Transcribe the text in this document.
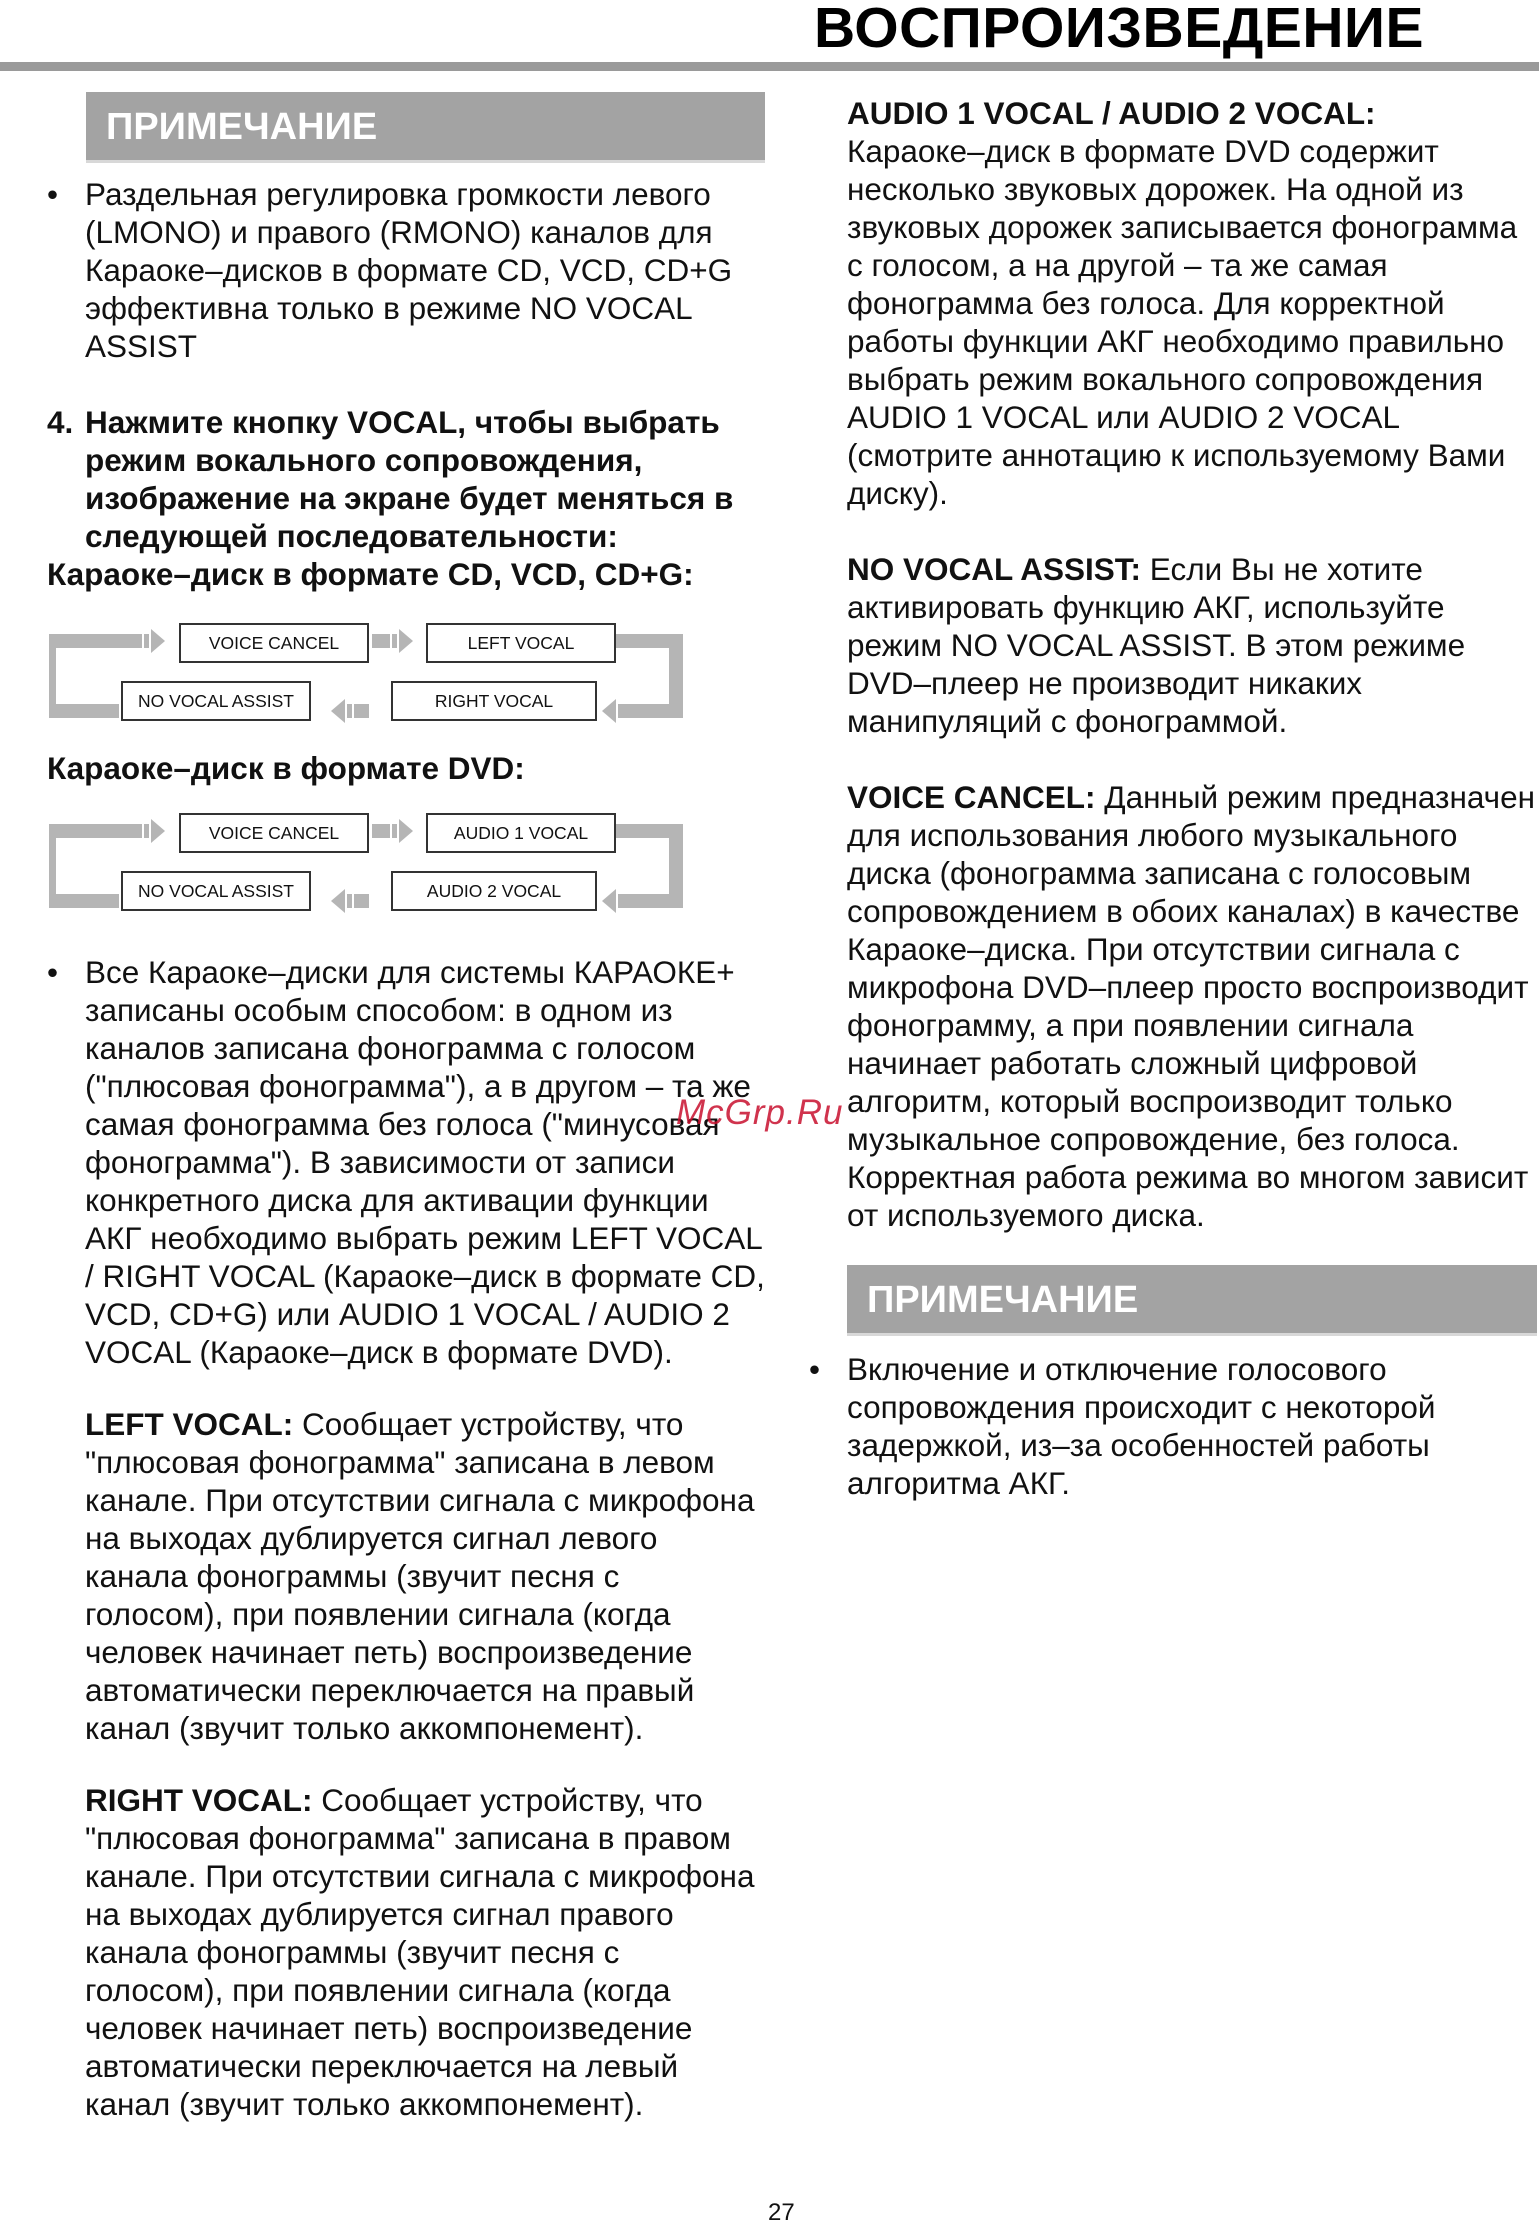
ВОСПРОИЗВЕДЕНИЕ
ПРИМЕЧАНИЕ
• Раздельная регулировка громкости левого (LMONO) и правого (RMONO) каналов для Караоке–дисков в формате CD, VCD, CD+G эффективна только в режиме NO VOCAL ASSIST
4. Нажмите кнопку VOCAL, чтобы выбрать режим вокального сопровождения, изображение на экране будет меняться в следующей последовательности:

Караоке–диск в формате CD, VCD, CD+G:

VOICE CANCEL	LEFT VOCAL
NO VOCAL ASSIST	RIGHT VOCAL

Караоке–диск в формате DVD:

VOICE CANCEL	AUDIO 1 VOCAL
NO VOCAL ASSIST	AUDIO 2 VOCAL
• Все Караоке–диски для системы КАРАОКЕ+ записаны особым способом: в одном из каналов записана фонограмма с голосом ("плюсовая фонограмма"), а в другом – та же самая фонограмма без голоса ("минусовая фонограмма"). В зависимости от записи конкретного диска для активации функции АКГ необходимо выбрать режим LEFT VOCAL / RIGHT VOCAL (Караоке–диск в формате CD, VCD, CD+G) или AUDIO 1 VOCAL / AUDIO 2 VOCAL (Караоке–диск в формате DVD).

LEFT VOCAL: Сообщает устройству, что "плюсовая фонограмма" записана в левом канале. При отсутствии сигнала с микрофона на выходах дублируется сигнал левого канала фонограммы (звучит песня с голосом), при появлении сигнала (когда человек начинает петь) воспроизведение автоматически переключается на правый канал (звучит только аккомпонемент).

RIGHT VOCAL: Сообщает устройству, что "плюсовая фонограмма" записана в правом канале. При отсутствии сигнала с микрофона на выходах дублируется сигнал правого канала фонограммы (звучит песня с голосом), при появлении сигнала (когда человек начинает петь) воспроизведение автоматически переключается на левый канал (звучит только аккомпонемент).

AUDIO 1 VOCAL / AUDIO 2 VOCAL:
Караоке–диск в формате DVD содержит несколько звуковых дорожек. На одной из звуковых дорожек записывается фонограмма с голосом, а на другой – та же самая фонограмма без голоса. Для корректной работы функции АКГ необходимо правильно выбрать режим вокального сопровождения AUDIO 1 VOCAL или AUDIO 2 VOCAL (смотрите аннотацию к используемому Вами диску).

NO VOCAL ASSIST: Если Вы не хотите активировать функцию АКГ, используйте режим NO VOCAL ASSIST. В этом режиме DVD–плеер не производит никаких манипуляций с фонограммой.

VOICE CANCEL: Данный режим предназначен для использования любого музыкального диска (фонограмма записана с голосовым сопровождением в обоих каналах) в качестве Караоке–диска. При отсутствии сигнала с микрофона DVD–плеер просто воспроизводит фонограмму, а при появлении сигнала начинает работать сложный цифровой алгоритм, который воспроизводит только музыкальное сопровождение, без голоса.
Корректная работа режима во многом зависит от используемого диска.

ПРИМЕЧАНИЕ
• Включение и отключение голосового сопровождения происходит с некоторой задержкой, из–за особенностей работы алгоритма АКГ.
McGrp.Ru
27
